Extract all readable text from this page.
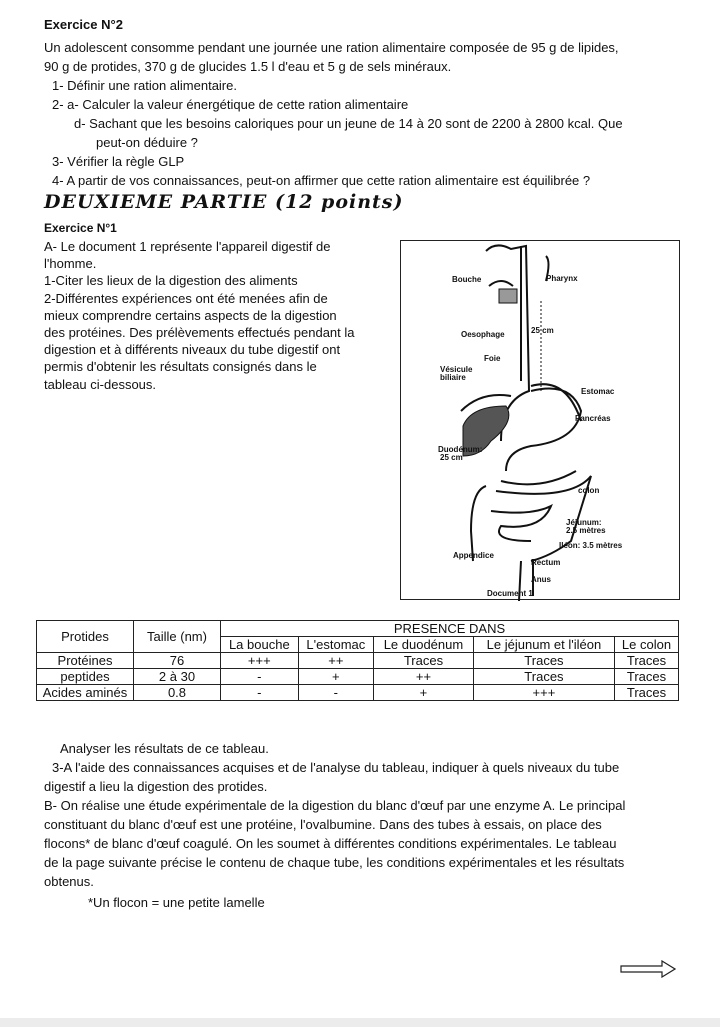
Exercice N°2
Un adolescent consomme pendant une journée une ration alimentaire composée de 95 g de lipides,
90 g de protides, 370 g de glucides 1.5 l d'eau et 5 g de sels minéraux.
1- Définir une ration alimentaire.
2- a- Calculer la valeur énergétique de cette ration alimentaire
d- Sachant que les besoins caloriques pour un jeune de 14 à 20 sont de 2200 à 2800 kcal. Que
peut-on déduire ?
3- Vérifier la règle GLP
4- A partir de vos connaissances, peut-on affirmer que cette ration alimentaire est équilibrée ?
DEUXIEME PARTIE (12 points)
Exercice N°1
A- Le document 1 représente l'appareil digestif de
l'homme.
1-Citer les lieux de la digestion des aliments
2-Différentes expériences ont été menées afin de
mieux comprendre certains aspects de la digestion
des protéines. Des prélèvements effectués pendant la
digestion et à différents niveaux du tube digestif ont
permis d'obtenir les résultats consignés dans le
tableau ci-dessous.
Bouche	Pharynx
Oesophage	25 cm
Foie
Vésicule
biliaire
Estomac
Pancréas
Duodénum:
25 cm
colon
Jéjunum:
2.5 mètres
Iléon: 3.5 mètres
Appendice
Rectum
Anus
Document 1
Protides	Taille (nm)	PRESENCE DANS				
		La bouche	L'estomac	Le duodénum	Le jéjunum et l'iléon	Le colon
Protéines	76	+++	++	Traces	Traces	Traces
peptides	2 à 30	-	+	++	Traces	Traces
Acides aminés	0.8	-	-	+	+++	Traces
Analyser les résultats de ce tableau.
3-A l'aide des connaissances acquises et de l'analyse du tableau, indiquer à quels niveaux du tube
digestif a lieu la digestion des protides.
B- On réalise une étude expérimentale de la digestion du blanc d'œuf par une enzyme A. Le principal
constituant du blanc d'œuf est une protéine, l'ovalbumine. Dans des tubes à essais, on place des
flocons* de blanc d'œuf coagulé. On les soumet à différentes conditions expérimentales. Le tableau
de la page suivante précise le contenu de chaque tube, les conditions expérimentales et les résultats
obtenus.
*Un flocon = une petite lamelle
